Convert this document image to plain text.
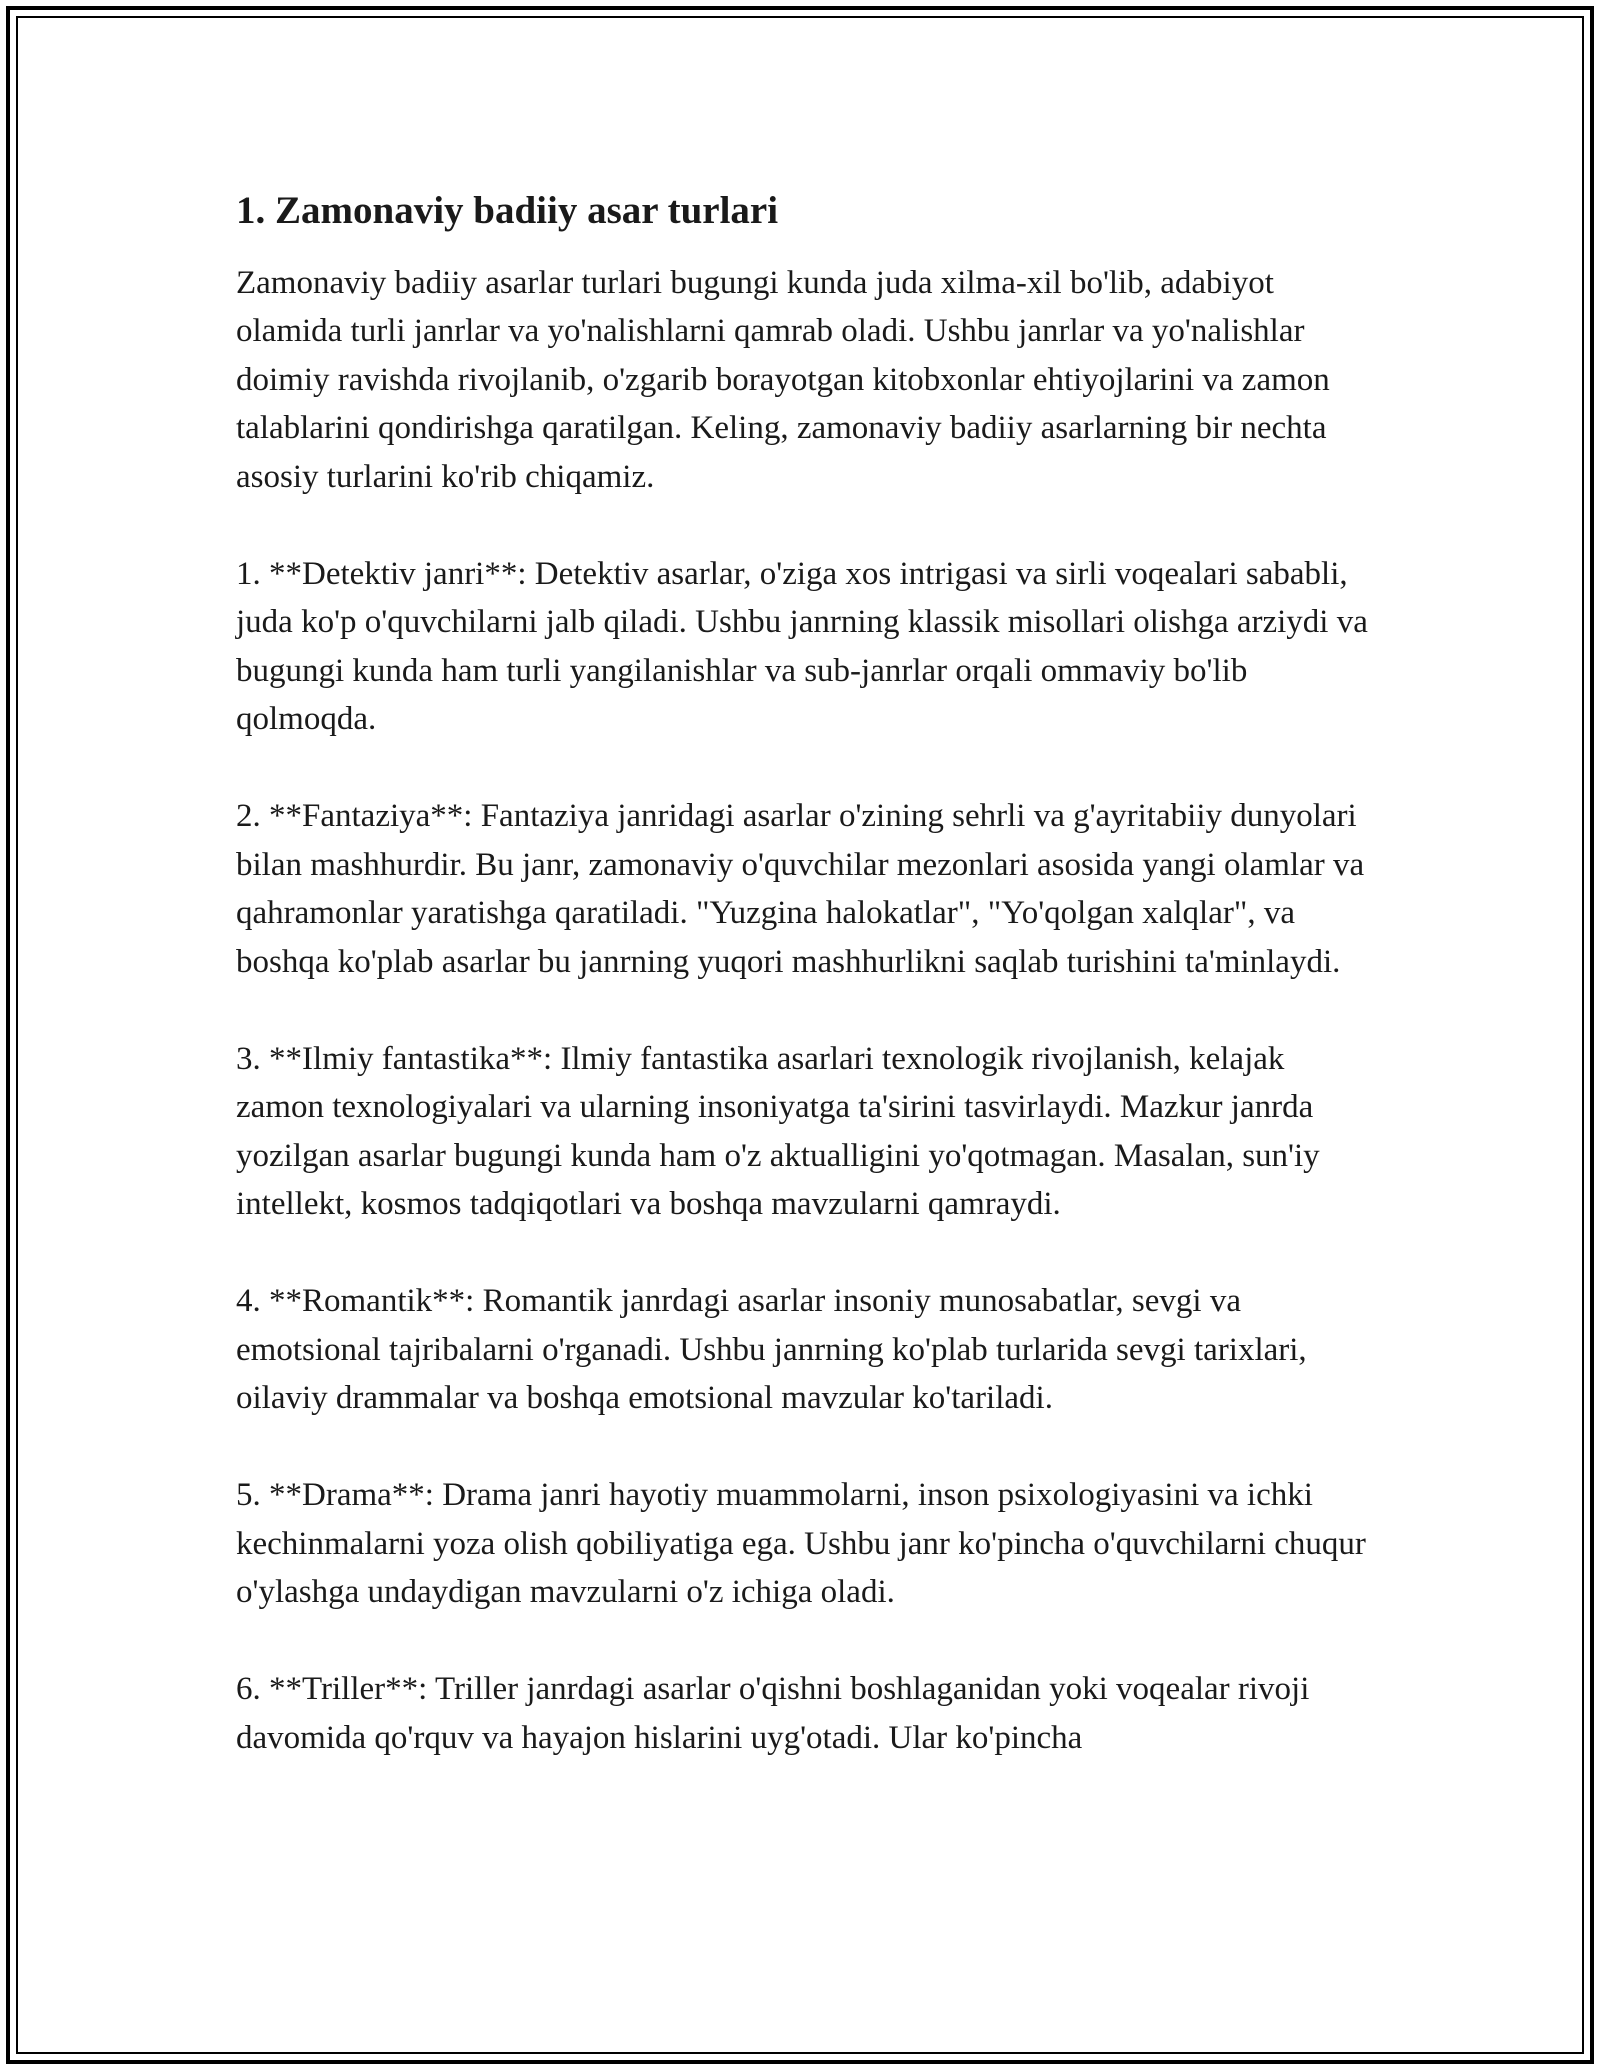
1. Zamonaviy badiiy asar turlari

Zamonaviy badiiy asarlar turlari bugungi kunda juda xilma-xil bo'lib, adabiyot olamida turli janrlar va yo'nalishlarni qamrab oladi. Ushbu janrlar va yo'nalishlar doimiy ravishda rivojlanib, o'zgarib borayotgan kitobxonlar ehtiyojlarini va zamon talablarini qondirishga qaratilgan. Keling, zamonaviy badiiy asarlarning bir nechta asosiy turlarini ko'rib chiqamiz.

1. **Detektiv janri**: Detektiv asarlar, o'ziga xos intrigasi va sirli voqealari sababli, juda ko'p o'quvchilarni jalb qiladi. Ushbu janrning klassik misollari olishga arziydi va bugungi kunda ham turli yangilanishlar va sub-janrlar orqali ommaviy bo'lib qolmoqda.

2. **Fantaziya**: Fantaziya janridagi asarlar o'zining sehrli va g'ayritabiiy dunyolari bilan mashhurdir. Bu janr, zamonaviy o'quvchilar mezonlari asosida yangi olamlar va qahramonlar yaratishga qaratiladi. "Yuzgina halokatlar", "Yo'qolgan xalqlar", va boshqa ko'plab asarlar bu janrning yuqori mashhurlikni saqlab turishini ta'minlaydi.

3. **Ilmiy fantastika**: Ilmiy fantastika asarlari texnologik rivojlanish, kelajak zamon texnologiyalari va ularning insoniyatga ta'sirini tasvirlaydi. Mazkur janrda yozilgan asarlar bugungi kunda ham o'z aktualligini yo'qotmagan. Masalan, sun'iy intellekt, kosmos tadqiqotlari va boshqa mavzularni qamraydi.

4. **Romantik**: Romantik janrdagi asarlar insoniy munosabatlar, sevgi va emotsional tajribalarni o'rganadi. Ushbu janrning ko'plab turlarida sevgi tarixlari, oilaviy drammalar va boshqa emotsional mavzular ko'tariladi.

5. **Drama**: Drama janri hayotiy muammolarni, inson psixologiyasini va ichki kechinmalarni yoza olish qobiliyatiga ega. Ushbu janr ko'pincha o'quvchilarni chuqur o'ylashga undaydigan mavzularni o'z ichiga oladi.

6. **Triller**: Triller janrdagi asarlar o'qishni boshlaganidan yoki voqealar rivoji davomida qo'rquv va hayajon hislarini uyg'otadi. Ular ko'pincha
